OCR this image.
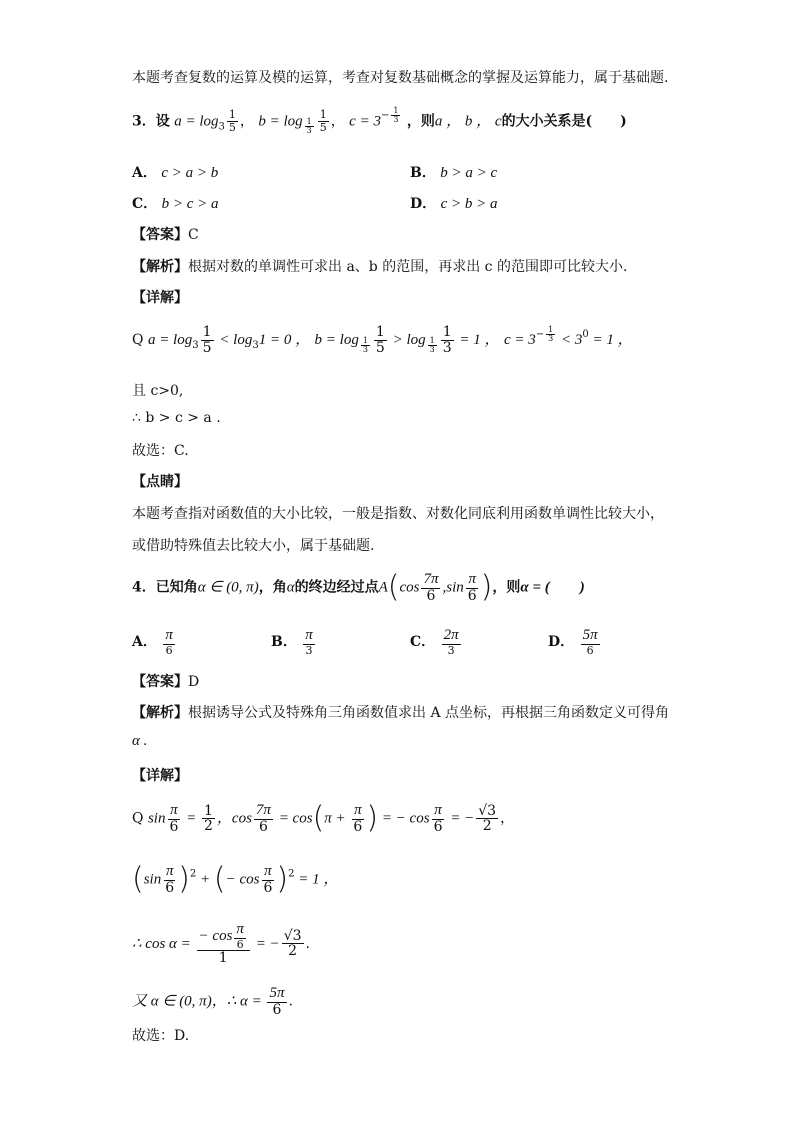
本题考查复数的运算及模的运算，考查对复数基础概念的掌握及运算能力，属于基础题.
3．设 $a = \log_3 \frac{1}{5}$ ， $b = \log _{\frac{1}{3}} \frac{1}{5}$ ， $c = 3^{- \frac{1}{3}}$ ，则a ， b ， c的大小关系是(　　)
A． c > a > b	B． b > a > c
C． b > c > a	D． c > b > a
【答案】C
【解析】根据对数的单调性可求出 a、b 的范围，再求出 c 的范围即可比较大小.
【详解】
Q $a = \log_3 \frac{1}{5} < \log_31 = 0$ ， $b = \log _{\frac{1}{3}} \frac{1}{5} > \log _{\frac{1}{3}} \frac{1}{3} = 1$ ， $c = 3^{- \frac{1}{3}} < 3^0 = 1$ ，
且 c>0,
∴ b > c > a .
故选：C.
【点睛】
本题考查指对函数值的大小比较，一般是指数、对数化同底利用函数单调性比较大小，
或借助特殊值去比较大小，属于基础题.
4．已知角α ∈ (0, π)，角α的终边经过点$A(\cos \frac{7\pi}{6} ,\sin \frac{\pi}{6}$ )，则α = (　　)
A． $\frac{\pi}{6}$	B． $\frac{\pi}{3}$	C． $\frac{2\pi}{3}$	D． $\frac{5\pi}{6}$
【答案】D
【解析】根据诱导公式及特殊角三角函数值求出 A 点坐标，再根据三角函数定义可得角
α .
【详解】
Q $\sin \frac{\pi}{6} = \frac{1}{2}$ ，$\cos \frac{7\pi}{6} = \cos(\pi + \frac{\pi}{6}$ ) = − $\cos \frac{\pi}{6}$ = − $\frac{√3}{2}$ ，
$(\sin \frac{\pi}{6} )^2$ + (− $\cos \frac{\pi}{6} )^2 = 1$ ，
∴ $\cos \alpha = \frac{- \cos \frac{\pi}{6}}{1}$ = − $\frac{√3}{2}$ .
又 α ∈ (0, π)，∴ $\alpha = \frac{5\pi}{6}$ .
故选：D.
